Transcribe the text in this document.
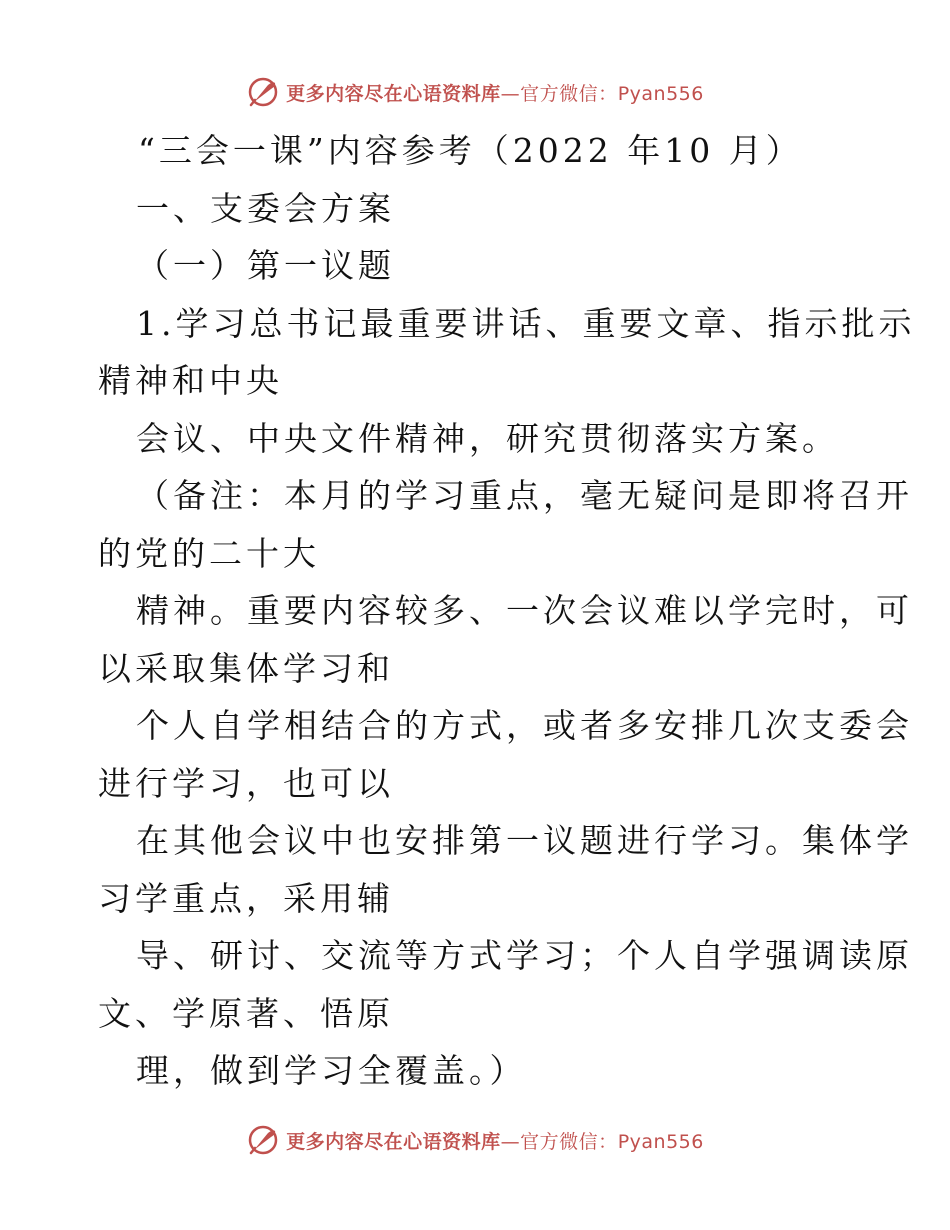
更多内容尽在心语资料库—官方微信：Pyan556

“三会一课”内容参考（2022 年10 月）

一、支委会方案

（一）第一议题

1.学习总书记最重要讲话、重要文章、指示批示

精神和中央

会议、中央文件精神，研究贯彻落实方案。

（备注：本月的学习重点，毫无疑问是即将召开

的党的二十大

精神。重要内容较多、一次会议难以学完时，可

以采取集体学习和

个人自学相结合的方式，或者多安排几次支委会

进行学习，也可以

在其他会议中也安排第一议题进行学习。集体学

习学重点，采用辅

导、研讨、交流等方式学习；个人自学强调读原

文、学原著、悟原

理，做到学习全覆盖。）

更多内容尽在心语资料库—官方微信：Pyan556
